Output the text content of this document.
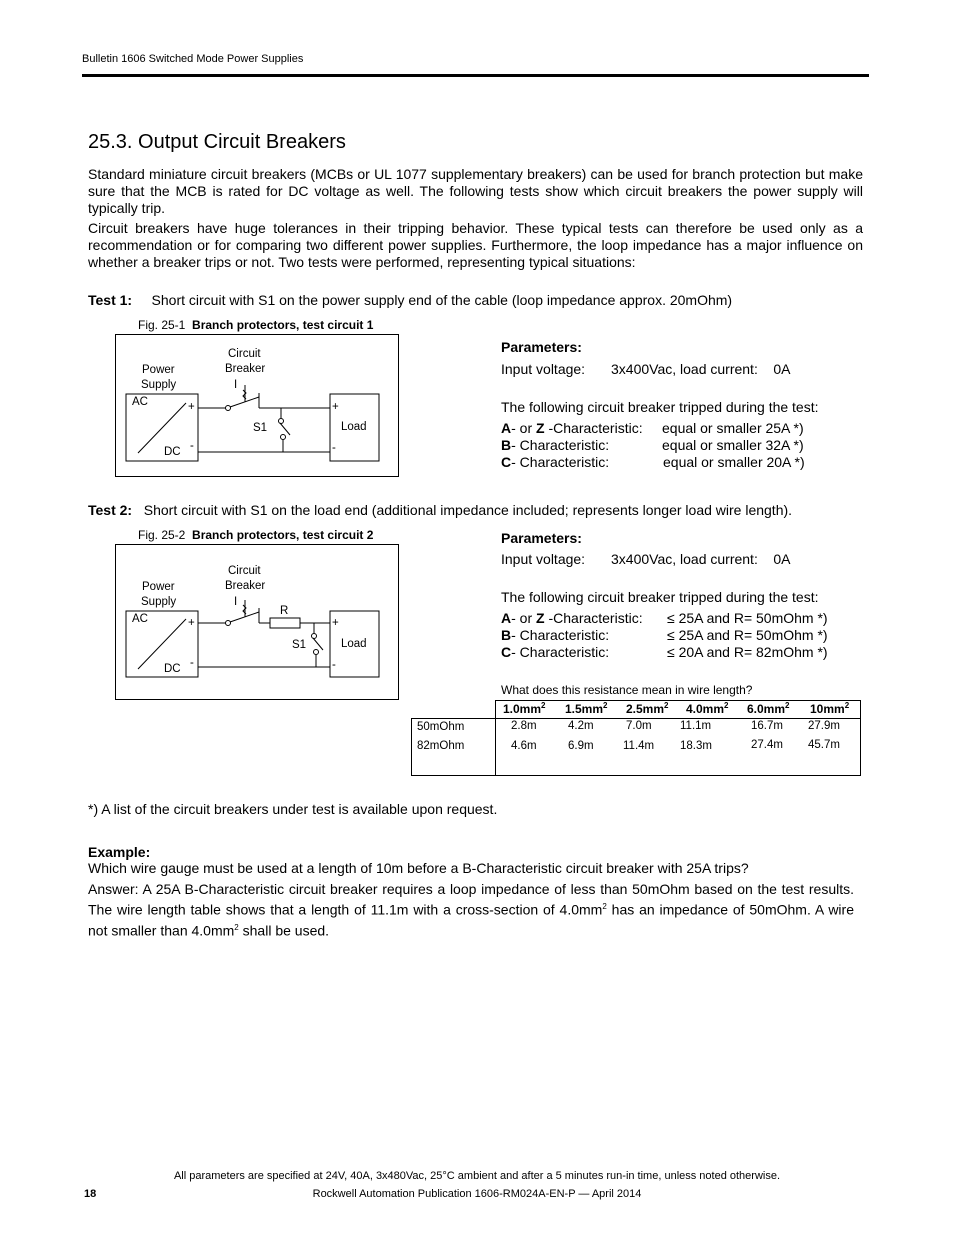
Bulletin 1606 Switched Mode Power Supplies
25.3. Output Circuit Breakers
Standard miniature circuit breakers (MCBs or UL 1077 supplementary breakers) can be used for branch protection but make sure that the MCB is rated for DC voltage as well. The following tests show which circuit breakers the power supply will typically trip.
Circuit breakers have huge tolerances in their tripping behavior. These typical tests can therefore be used only as a recommendation or for comparing two different power supplies. Furthermore, the loop impedance has a major influence on whether a breaker trips or not. Two tests were performed, representing typical situations:
Test 1: Short circuit with S1 on the power supply end of the cable (loop impedance approx. 20mOhm)
Fig. 25-1 Branch protectors, test circuit 1
Power
Supply
Circuit
Breaker
I
AC
DC
+
-
+
-
S1	Load
Parameters:
Input voltage: 3x400Vac, load current:    0A
The following circuit breaker tripped during the test:
A- or Z -Characteristic: equal or smaller 25A *)
B- Characteristic:	equal or smaller 32A *)
C- Characteristic:	equal or smaller 20A *)
Test 2: Short circuit with S1 on the load end (additional impedance included; represents longer load wire length).
Fig. 25-2 Branch protectors, test circuit 2
Power
Supply
Circuit
Breaker
I
R
AC
DC
+
-
+
-
S1	Load
Parameters:
Input voltage: 3x400Vac, load current:    0A
The following circuit breaker tripped during the test:
A- or Z -Characteristic: ≤ 25A and R= 50mOhm *)
B- Characteristic:	≤ 25A and R= 50mOhm *)
C- Characteristic:	≤ 20A and R= 82mOhm *)
What does this resistance mean in wire length?
$1.0mm^2$ $1.5mm^2$ $2.5mm^2$ $4.0mm^2$ $6.0mm^2$ $10mm^2$
50mOhm	2.8m	4.2m	7.0m 11.1m	16.7m 27.9m
82mOhm	4.6m	6.9m	11.4m 18.3m	27.4m 45.7m
*) A list of the circuit breakers under test is available upon request.
Example:
Which wire gauge must be used at a length of 10m before a B-Characteristic circuit breaker with 25A trips?
Answer: A 25A B-Characteristic circuit breaker requires a loop impedance of less than 50mOhm based on the test results. The wire length table shows that a length of 11.1m with a cross-section of $4.0mm^2$ has an impedance of 50mOhm. A wire not smaller than $4.0mm^2$ shall be used.
All parameters are specified at 24V, 40A, 3x480Vac, 25°C ambient and after a 5 minutes run-in time, unless noted otherwise.
18	Rockwell Automation Publication 1606-RM024A-EN-P — April 2014
